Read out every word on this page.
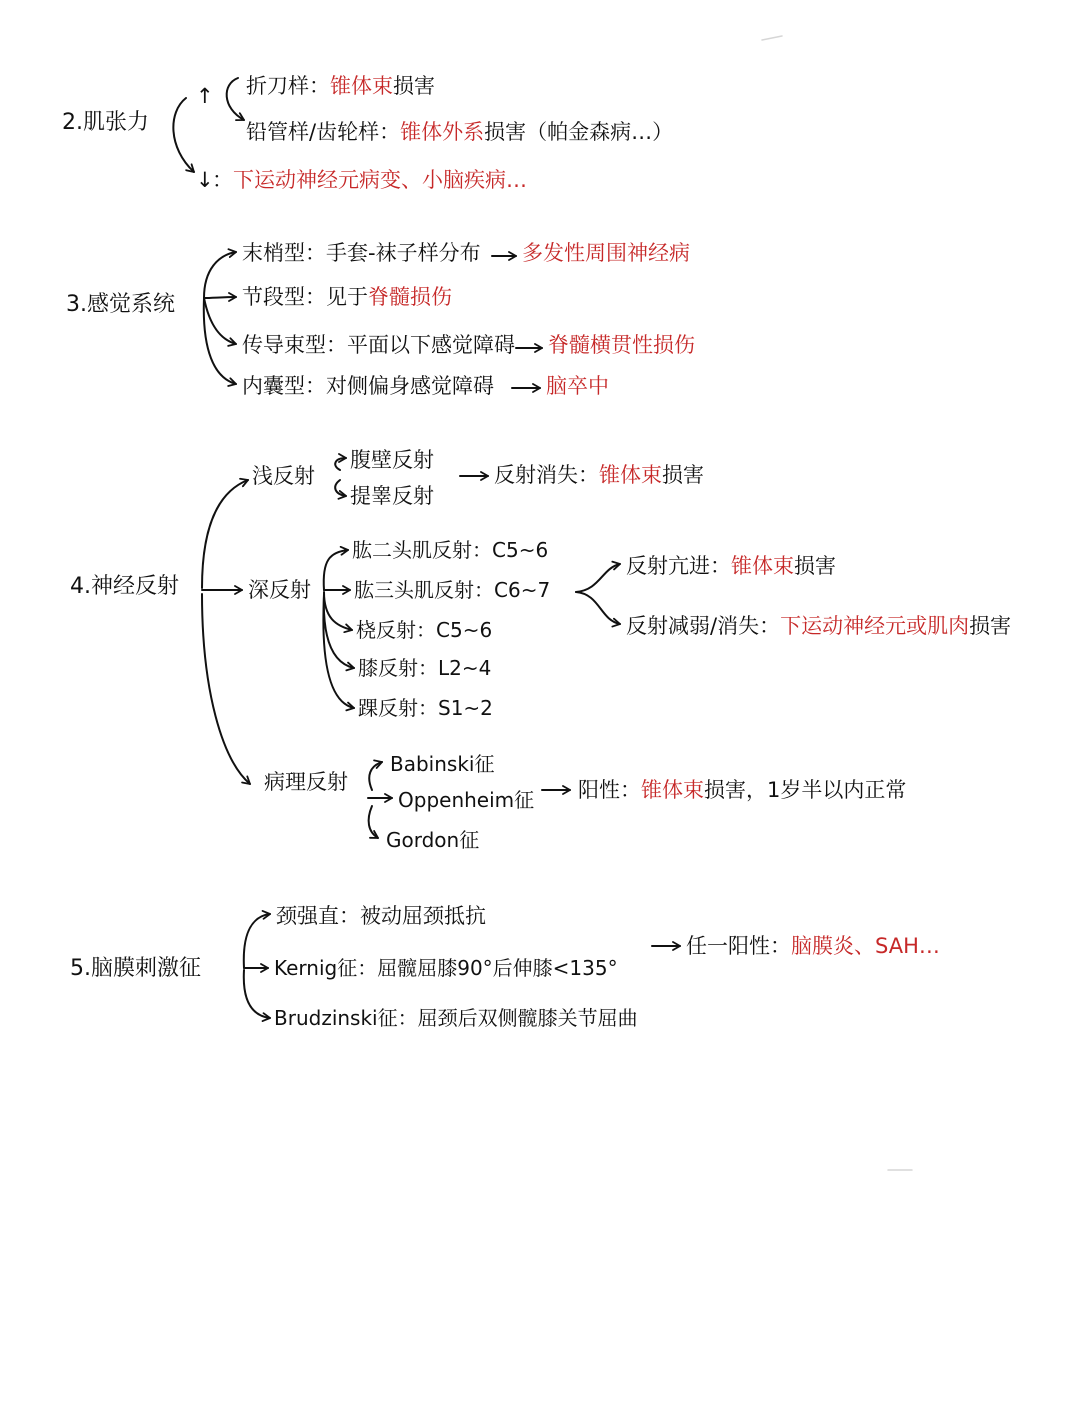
2.肌张力
↑
↓
折刀样：锥体束损害
铅管样/齿轮样：锥体外系损害（帕金森病…）
：下运动神经元病变、小脑疾病…
3.感觉系统
末梢型：手套-袜子样分布 多发性周围神经病
节段型：见于脊髓损伤
传导束型：平面以下感觉障碍 脊髓横贯性损伤
内囊型：对侧偏身感觉障碍 脑卒中
4.神经反射
浅反射
腹壁反射
提睾反射
反射消失：锥体束损害
深反射
肱二头肌反射：C5~6
肱三头肌反射：C6~7
桡反射：C5~6
膝反射：L2~4
踝反射：S1~2
反射亢进：锥体束损害
反射减弱/消失：下运动神经元或肌肉损害
病理反射
Babinski征
Oppenheim征
Gordon征
阳性：锥体束损害，1岁半以内正常
5.脑膜刺激征
颈强直：被动屈颈抵抗
Kernig征：屈髋屈膝90°后伸膝<135°
Brudzinski征：屈颈后双侧髋膝关节屈曲
任一阳性：脑膜炎、SAH…
